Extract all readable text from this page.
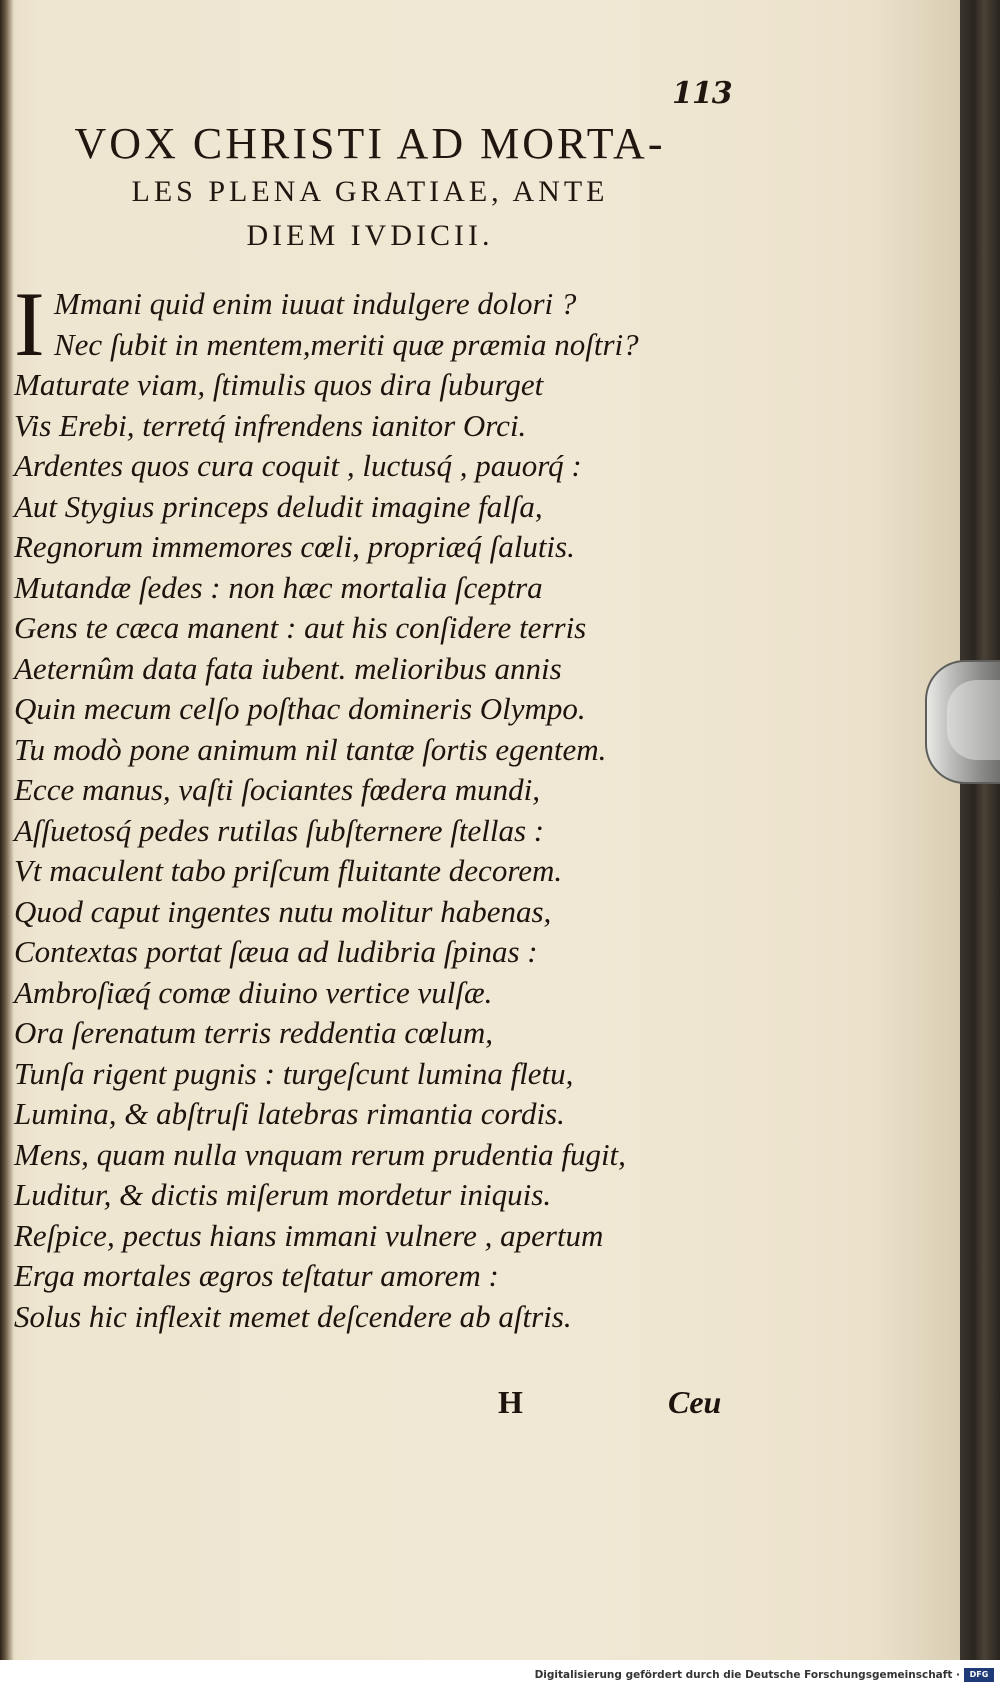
113
VOX CHRISTI AD MORTA-
LES PLENA GRATIAE, ANTE
DIEM IVDICII.
I Mmani quid enim iuuat indulgere dolori ?
Nec ſubit in mentem,meriti quæ præmia noſtri?
Maturate viam, ſtimulis quos dira ſuburget
Vis Erebi, terretq́ infrendens ianitor Orci.
Ardentes quos cura coquit , luctusq́ , pauorq́ :
Aut Stygius princeps deludit imagine falſa,
Regnorum immemores cœli, propriæq́ ſalutis.
Mutandæ ſedes : non hæc mortalia ſceptra
Gens te cæca manent : aut his conſidere terris
Aeternûm data fata iubent. melioribus annis
Quin mecum celſo poſthac domineris Olympo.
Tu modò pone animum nil tantæ ſortis egentem.
Ecce manus, vaſti ſociantes fœdera mundi,
Aſſuetosq́ pedes rutilas ſubſternere ſtellas :
Vt maculent tabo priſcum fluitante decorem.
Quod caput ingentes nutu molitur habenas,
Contextas portat ſæua ad ludibria ſpinas :
Ambroſiæq́ comæ diuino vertice vulſæ.
Ora ſerenatum terris reddentia cœlum,
Tunſa rigent pugnis : turgeſcunt lumina fletu,
Lumina, & abſtruſi latebras rimantia cordis.
Mens, quam nulla vnquam rerum prudentia fugit,
Luditur, & dictis miſerum mordetur iniquis.
Reſpice, pectus hians immani vulnere , apertum
Erga mortales ægros teſtatur amorem :
Solus hic inflexit memet deſcendere ab aſtris.
H	Ceu
Digitalisierung gefördert durch die Deutsche Forschungsgemeinschaft ·	DFG
